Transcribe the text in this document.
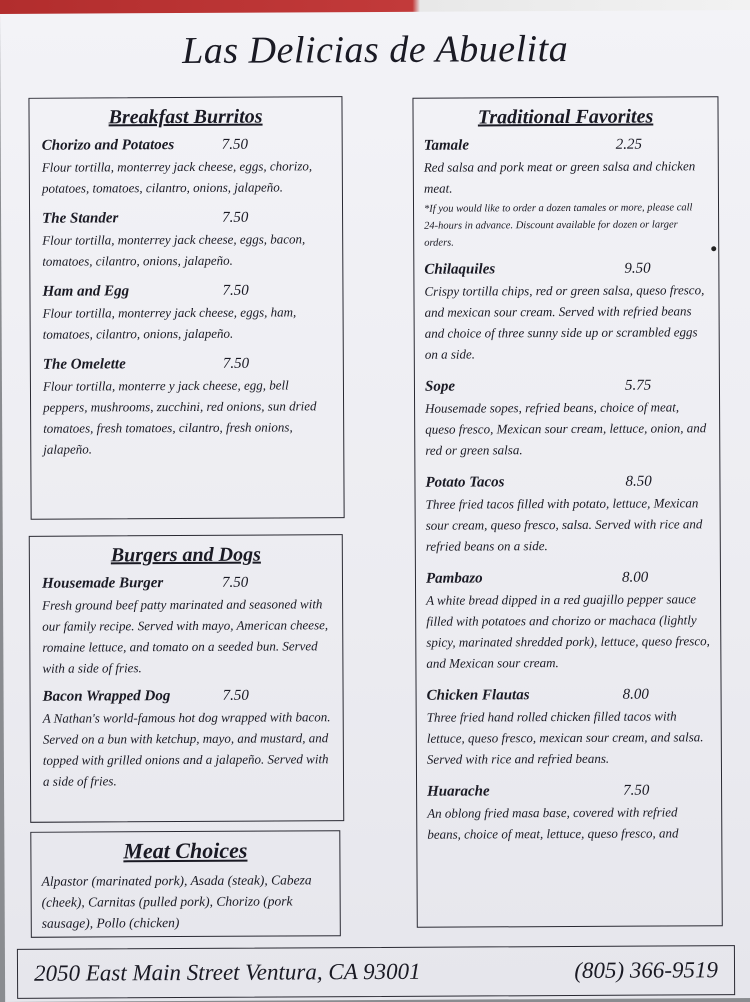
Las Delicias de Abuelita
Breakfast Burritos
Chorizo and Potatoes	7.50
Flour tortilla, monterrey jack cheese, eggs, chorizo, potatoes, tomatoes, cilantro, onions, jalapeño.
The Stander	7.50
Flour tortilla, monterrey jack cheese, eggs, bacon, tomatoes, cilantro, onions, jalapeño.
Ham and Egg	7.50
Flour tortilla, monterrey jack cheese, eggs, ham, tomatoes, cilantro, onions, jalapeño.
The Omelette	7.50
Flour tortilla, monterre y jack cheese, egg, bell peppers, mushrooms, zucchini, red onions, sun dried tomatoes, fresh tomatoes, cilantro, fresh onions, jalapeño.
Burgers and Dogs
Housemade Burger	7.50
Fresh ground beef patty marinated and seasoned with our family recipe. Served with mayo, American cheese, romaine lettuce, and tomato on a seeded bun. Served with a side of fries.
Bacon Wrapped Dog	7.50
A Nathan's world-famous hot dog wrapped with bacon. Served on a bun with ketchup, mayo, and mustard, and topped with grilled onions and a jalapeño. Served with a side of fries.
Meat Choices
Alpastor (marinated pork), Asada (steak), Cabeza (cheek), Carnitas (pulled pork), Chorizo (pork sausage), Pollo (chicken)
Traditional Favorites
Tamale	2.25
Red salsa and pork meat or green salsa and chicken meat.
*If you would like to order a dozen tamales or more, please call 24-hours in advance. Discount available for dozen or larger orders.
Chilaquiles	9.50
Crispy tortilla chips, red or green salsa, queso fresco, and mexican sour cream. Served with refried beans and choice of three sunny side up or scrambled eggs on a side.
Sope	5.75
Housemade sopes, refried beans, choice of meat, queso fresco, Mexican sour cream, lettuce, onion, and red or green salsa.
Potato Tacos	8.50
Three fried tacos filled with potato, lettuce, Mexican sour cream, queso fresco, salsa. Served with rice and refried beans on a side.
Pambazo	8.00
A white bread dipped in a red guajillo pepper sauce filled with potatoes and chorizo or machaca (lightly spicy, marinated shredded pork), lettuce, queso fresco, and Mexican sour cream.
Chicken Flautas	8.00
Three fried hand rolled chicken filled tacos with lettuce, queso fresco, mexican sour cream, and salsa. Served with rice and refried beans.
Huarache	7.50
An oblong fried masa base, covered with refried beans, choice of meat, lettuce, queso fresco, and
2050 East Main Street Ventura, CA 93001	(805) 366-9519
